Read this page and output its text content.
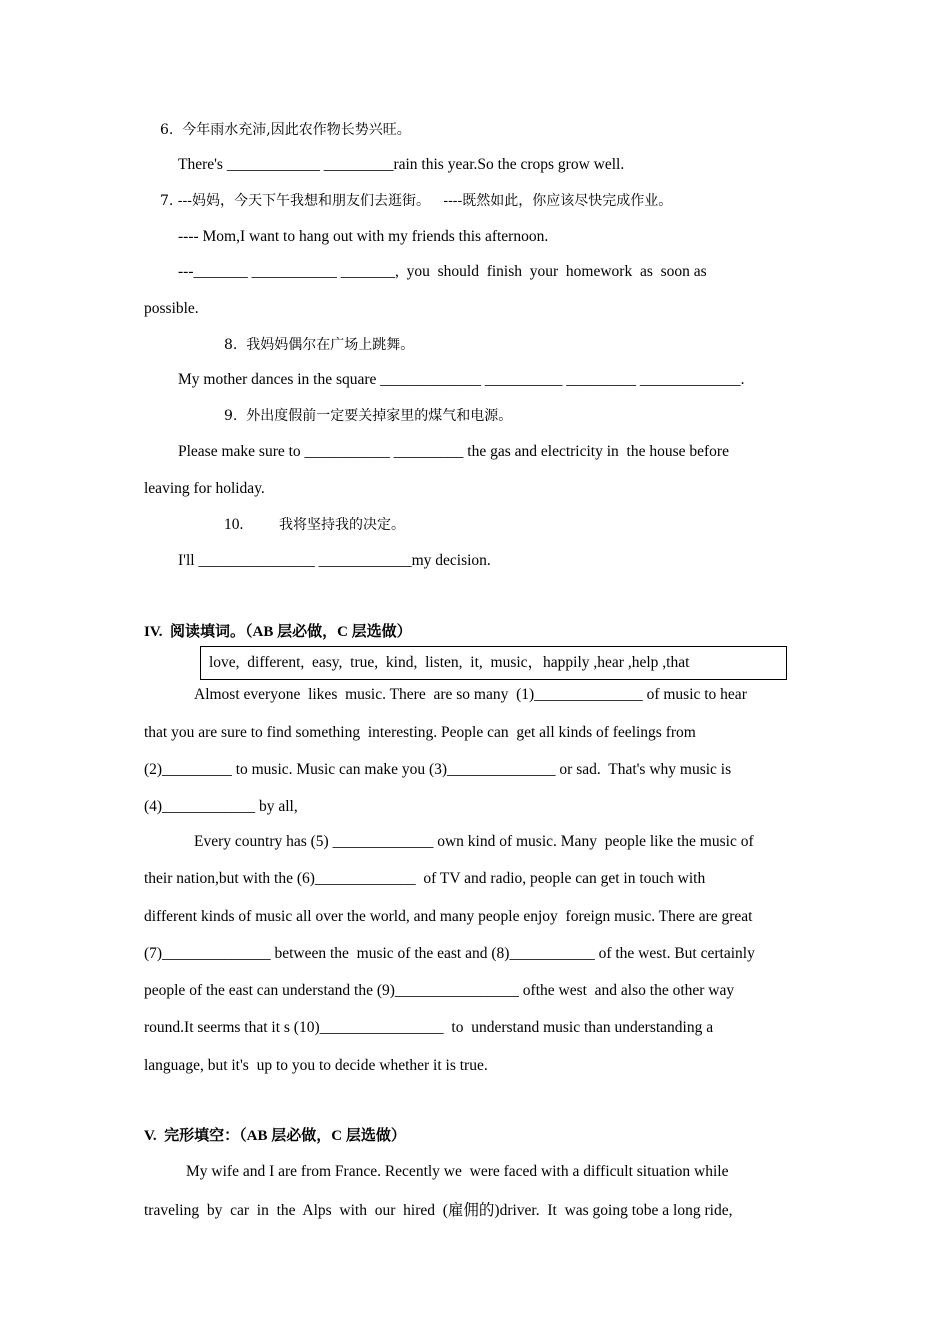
6.  今年雨水充沛,因此农作物长势兴旺。
There's ____________ _________rain this year.So the crops grow well.
7. ---妈妈，今天下午我想和朋友们去逛街。   ----既然如此，你应该尽快完成作业。
---- Mom,I want to hang out with my friends this afternoon.
---_______ ___________ _______,  you  should  finish  your  homework  as  soon as
possible.
8.  我妈妈偶尔在广场上跳舞。
My mother dances in the square _____________ __________ _________ _____________.
9.  外出度假前一定要关掉家里的煤气和电源。
Please make sure to ___________ _________ the gas and electricity in  the house before
leaving for holiday.
10.	我将坚持我的决定。
I'll _______________ ____________my decision.
IV.  阅读填词。（AB 层必做，C 层选做）
love,  different,  easy,  true,  kind,  listen,  it,  music，happily ,hear ,help ,that
Almost everyone  likes  music. There  are so many  (1)______________ of music to hear
that you are sure to find something  interesting. People can  get all kinds of feelings from
(2)_________ to music. Music can make you (3)______________ or sad.  That's why music is
(4)____________ by all,
Every country has (5) _____________ own kind of music. Many  people like the music of
their nation,but with the (6)_____________  of TV and radio, people can get in touch with
different kinds of music all over the world, and many people enjoy  foreign music. There are great
(7)______________ between the  music of the east and (8)___________ of the west. But certainly
people of the east can understand the (9)________________ ofthe west  and also the other way
round.It seerms that it s (10)________________  to  understand music than understanding a
language, but it's  up to you to decide whether it is true.
V.  完形填空：（AB 层必做，C 层选做）
My wife and I are from France. Recently we  were faced with a difficult situation while
traveling  by  car  in  the  Alps  with  our  hired  (雇佣的)driver.  It  was going tobe a long ride,
